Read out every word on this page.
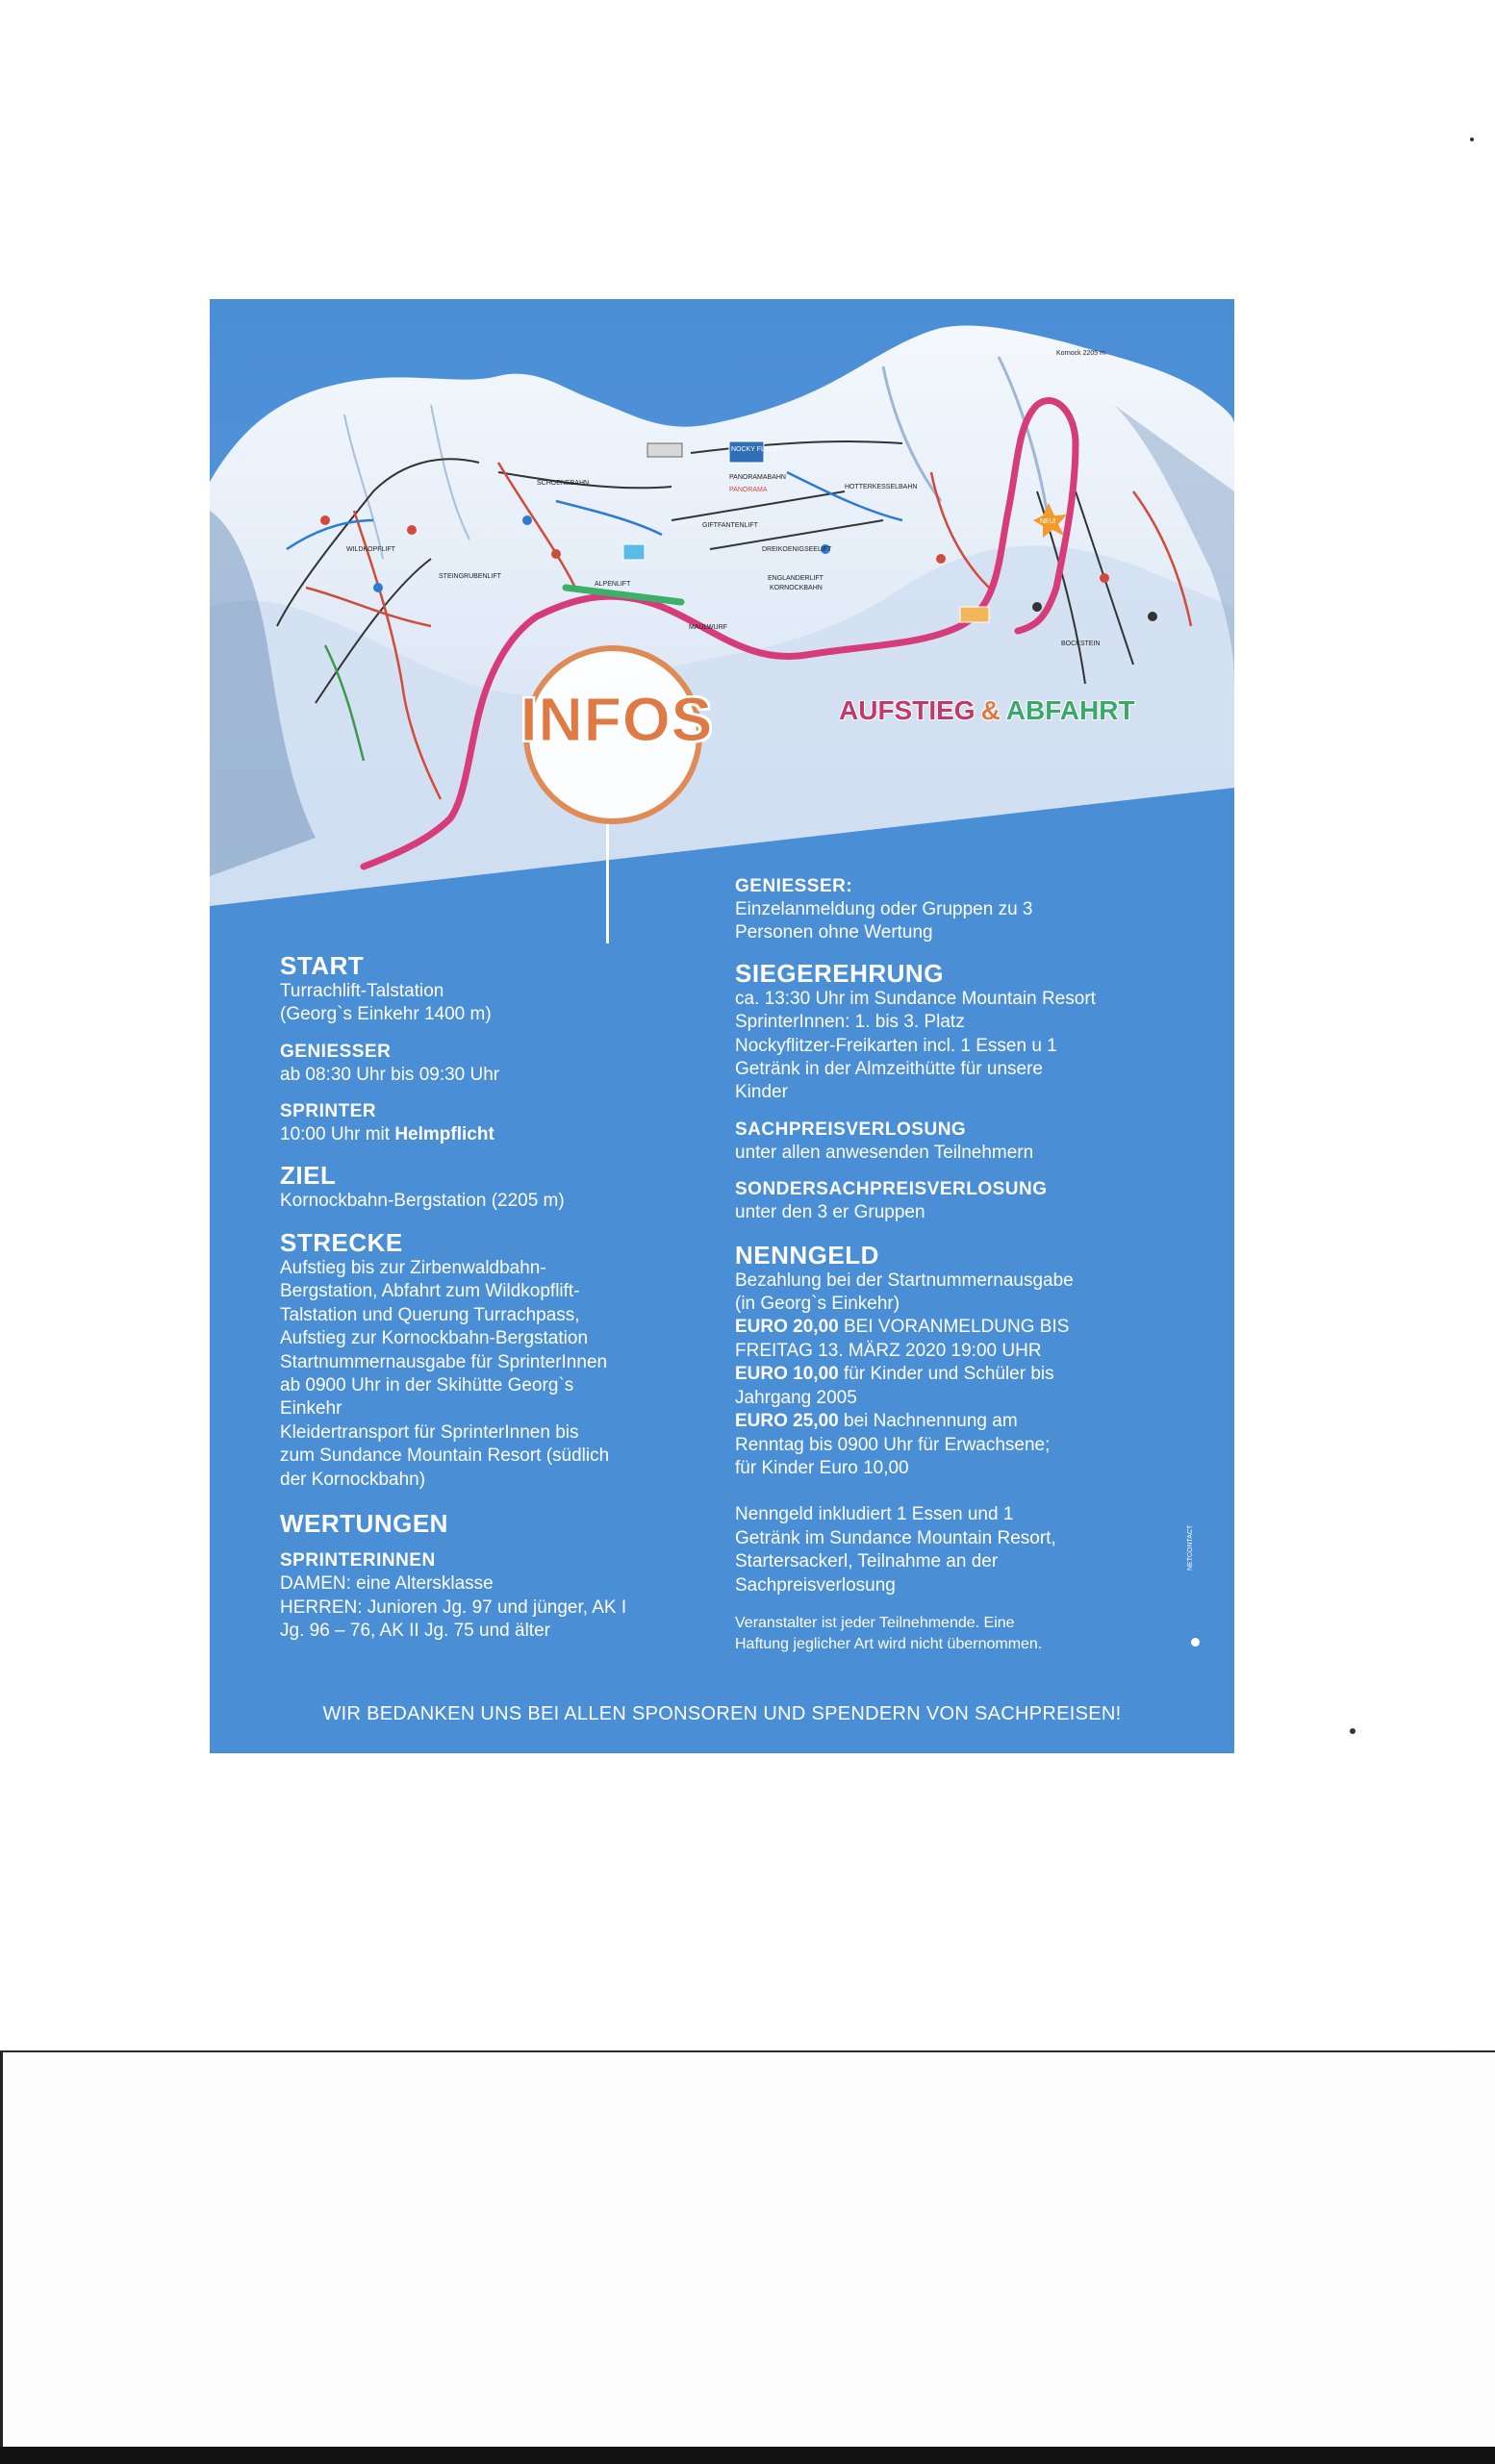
NOCKY FLITZER
PANORAMABAHN
PANORAMA	HOTTERKESSELBAHN
GIFTFANTENLIFT
DREIKOENIGSEELIFT
ENGLANDERLIFT
KORNOCKBAHN
ALPENLIFT
SCHOENEBAHN
MAULWURF
STEINGRUBENLIFT
WILDKOPFLIFT
BOCKSTEIN
NEU!
Kornock 2205 m
INFOS	AUFSTIEG & ABFAHRT

START

Turrachlift-Talstation

(Georg`s Einkehr 1400 m)

GENIESSER

ab 08:30 Uhr bis 09:30 Uhr

SPRINTER

10:00 Uhr mit Helmpflicht

ZIEL

Kornockbahn-Bergstation (2205 m)

STRECKE

Aufstieg bis zur Zirbenwaldbahn-

Bergstation, Abfahrt zum Wildkopflift-

Talstation und Querung Turrachpass,

Aufstieg zur Kornockbahn-Bergstation

Startnummernausgabe für SprinterInnen

ab 0900 Uhr in der Skihütte Georg`s

Einkehr

Kleidertransport für SprinterInnen bis

zum Sundance Mountain Resort (südlich

der Kornockbahn)

WERTUNGEN

SPRINTERINNEN

DAMEN: eine Altersklasse

HERREN: Junioren Jg. 97 und jünger, AK I

Jg. 96 – 76, AK II Jg. 75 und älter

GENIESSER:

Einzelanmeldung oder Gruppen zu 3

Personen ohne Wertung

SIEGEREHRUNG

ca. 13:30 Uhr im Sundance Mountain Resort

SprinterInnen: 1. bis 3. Platz

Nockyflitzer-Freikarten incl. 1 Essen u 1

Getränk in der Almzeithütte für unsere

Kinder

SACHPREISVERLOSUNG

unter allen anwesenden Teilnehmern

SONDERSACHPREISVERLOSUNG

unter den 3 er Gruppen

NENNGELD

Bezahlung bei der Startnummernausgabe

(in Georg`s Einkehr)

EURO 20,00 BEI VORANMELDUNG BIS

FREITAG 13. MÄRZ 2020 19:00 UHR

EURO 10,00 für Kinder und Schüler bis

Jahrgang 2005

EURO 25,00 bei Nachnennung am

Renntag bis 0900 Uhr für Erwachsene;

für Kinder Euro 10,00

Nenngeld inkludiert 1 Essen und 1

Getränk im Sundance Mountain Resort,

Startersackerl, Teilnahme an der

Sachpreisverlosung

Veranstalter ist jeder Teilnehmende. Eine

Haftung jeglicher Art wird nicht übernommen.

WIR BEDANKEN UNS BEI ALLEN SPONSOREN UND SPENDERN VON SACHPREISEN!
NETCONTACT
